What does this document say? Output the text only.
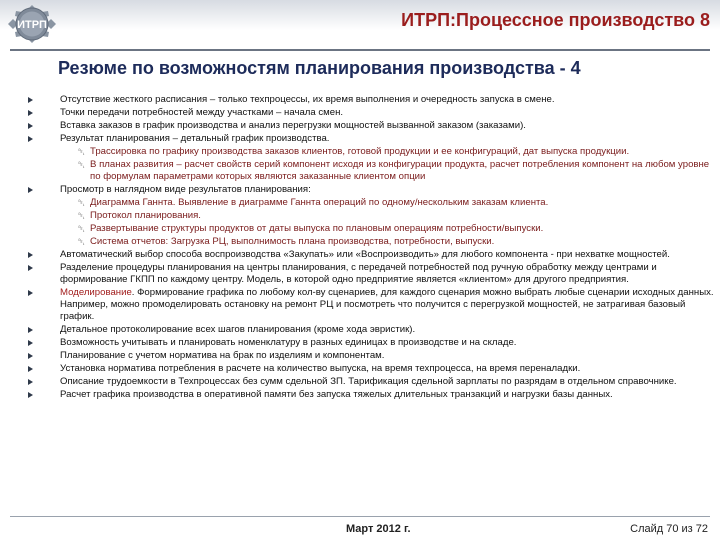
ИТРП	ИТРП:Процессное производство 8
Резюме по возможностям планирования производства - 4
Отсутствие жесткого расписания – только техпроцессы, их время выполнения и очередность запуска в смене.
Точки передачи потребностей между участками – начала смен.
Вставка заказов в график производства и анализ перегрузки мощностей вызванной заказом (заказами).
Результат планирования – детальный график производства.
␡ Трассировка по графику производства заказов клиентов, готовой продукции и ее конфигураций, дат выпуска продукции.
␡ В планах развития – расчет свойств серий компонент исходя из конфигурации продукта, расчет потребления компонент на любом уровне по формулам параметрами которых являются заказанные клиентом опции
Просмотр в наглядном виде результатов планирования:
␡ Диаграмма Ганнта. Выявление в диаграмме Ганнта операций по одному/нескольким заказам клиента.
␡ Протокол планирования.
␡ Развертывание структуры продуктов от даты выпуска по плановым операциям потребности/выпуски.
␡ Система отчетов: Загрузка РЦ, выполнимость плана производства, потребности, выпуски.
Автоматический выбор способа воспроизводства «Закупать» или «Воспроизводить» для любого компонента - при нехватке мощностей.
Разделение процедуры планирования на центры планирования, с передачей потребностей под ручную обработку между центрами и формирование ГКПП по каждому центру. Модель, в которой одно предприятие является «клиентом» для другого предприятия.
Моделирование. Формирование графика по любому кол-ву сценариев, для каждого сценария можно выбрать любые сценарии исходных данных. Например, можно промоделировать остановку на ремонт РЦ и посмотреть что получится с перегрузкой мощностей, не затрагивая базовый график.
Детальное протоколирование всех шагов планирования (кроме хода эвристик).
Возможность учитывать и планировать номенклатуру в разных единицах в производстве и на складе.
Планирование с учетом норматива на брак по изделиям и компонентам.
Установка норматива потребления в расчете на количество выпуска, на время техпроцесса, на время переналадки.
Описание трудоемкости в Техпроцессах без сумм сдельной ЗП. Тарификация сдельной зарплаты по разрядам в отдельном справочнике.
Расчет графика производства в оперативной памяти без запуска тяжелых длительных транзакций и нагрузки базы данных.
Март 2012 г.	Слайд 70 из 72
